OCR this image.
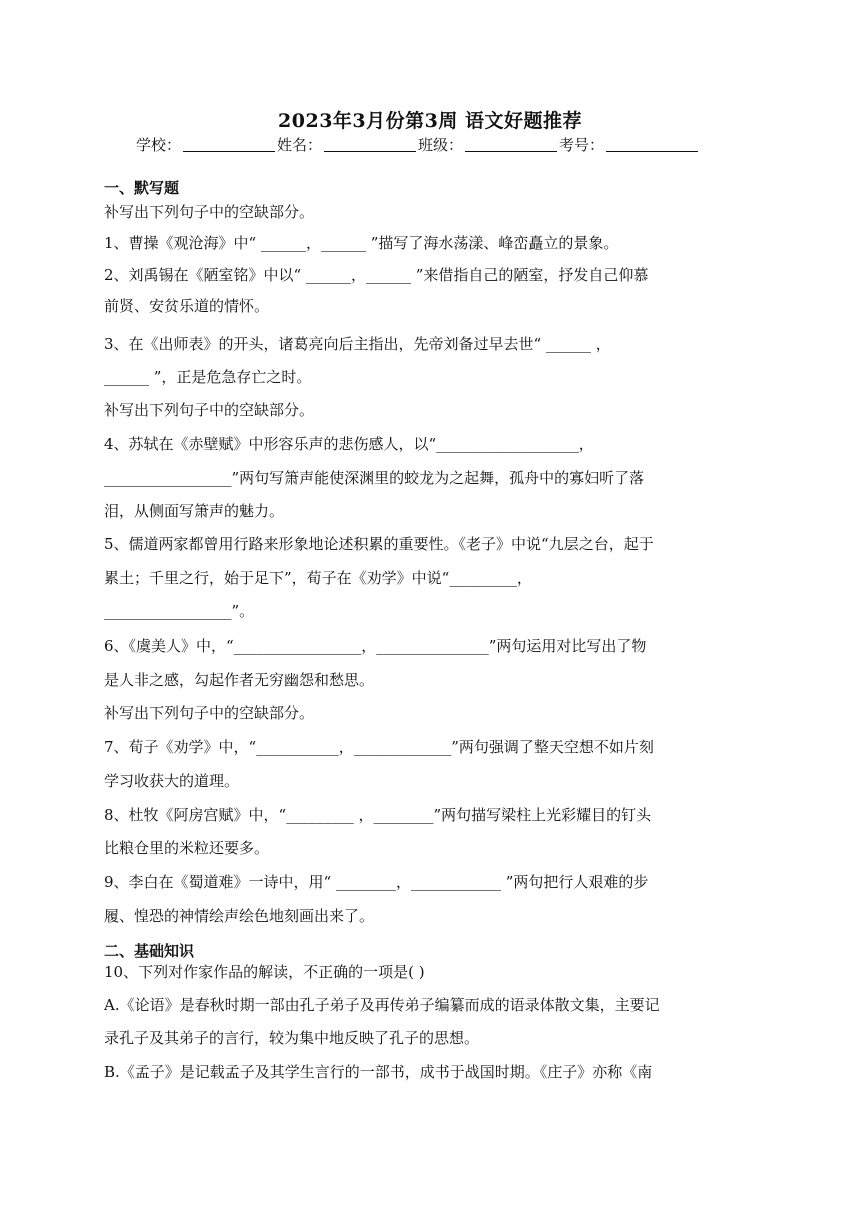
2023年3月份第3周 语文好题推荐
学校：	姓名：	班级：	考号：
一、默写题
补写出下列句子中的空缺部分。
1、曹操《观沧海》中“ ______，______ ”描写了海水荡漾、峰峦矗立的景象。
2、刘禹锡在《陋室铭》中以“ ______，______ ”来借指自己的陋室，抒发自己仰慕
前贤、安贫乐道的情怀。
3、在《出师表》的开头，诸葛亮向后主指出，先帝刘备过早去世“ ______ ，
______ ”，正是危急存亡之时。
补写出下列句子中的空缺部分。
4、苏轼在《赤壁赋》中形容乐声的悲伤感人，以“___________________，
_________________”两句写箫声能使深渊里的蛟龙为之起舞，孤舟中的寡妇听了落
泪，从侧面写箫声的魅力。
5、儒道两家都曾用行路来形象地论述积累的重要性。《老子》中说“九层之台，起于
累土；千里之行，始于足下”，荀子在《劝学》中说“_________，
_________________”。
6、《虞美人》中，“_________________，_______________”两句运用对比写出了物
是人非之感，勾起作者无穷幽怨和愁思。
补写出下列句子中的空缺部分。
7、荀子《劝学》中，“___________，_____________”两句强调了整天空想不如片刻
学习收获大的道理。
8、杜牧《阿房宫赋》中，“_________ ，________”两句描写梁柱上光彩耀目的钉头
比粮仓里的米粒还要多。
9、李白在《蜀道难》一诗中，用“ ________，____________ ”两句把行人艰难的步
履、惶恐的神情绘声绘色地刻画出来了。
二、基础知识
10、下列对作家作品的解读，不正确的一项是( )
A.《论语》是春秋时期一部由孔子弟子及再传弟子编纂而成的语录体散文集，主要记
录孔子及其弟子的言行，较为集中地反映了孔子的思想。
B.《孟子》是记载孟子及其学生言行的一部书，成书于战国时期。《庄子》亦称《南
